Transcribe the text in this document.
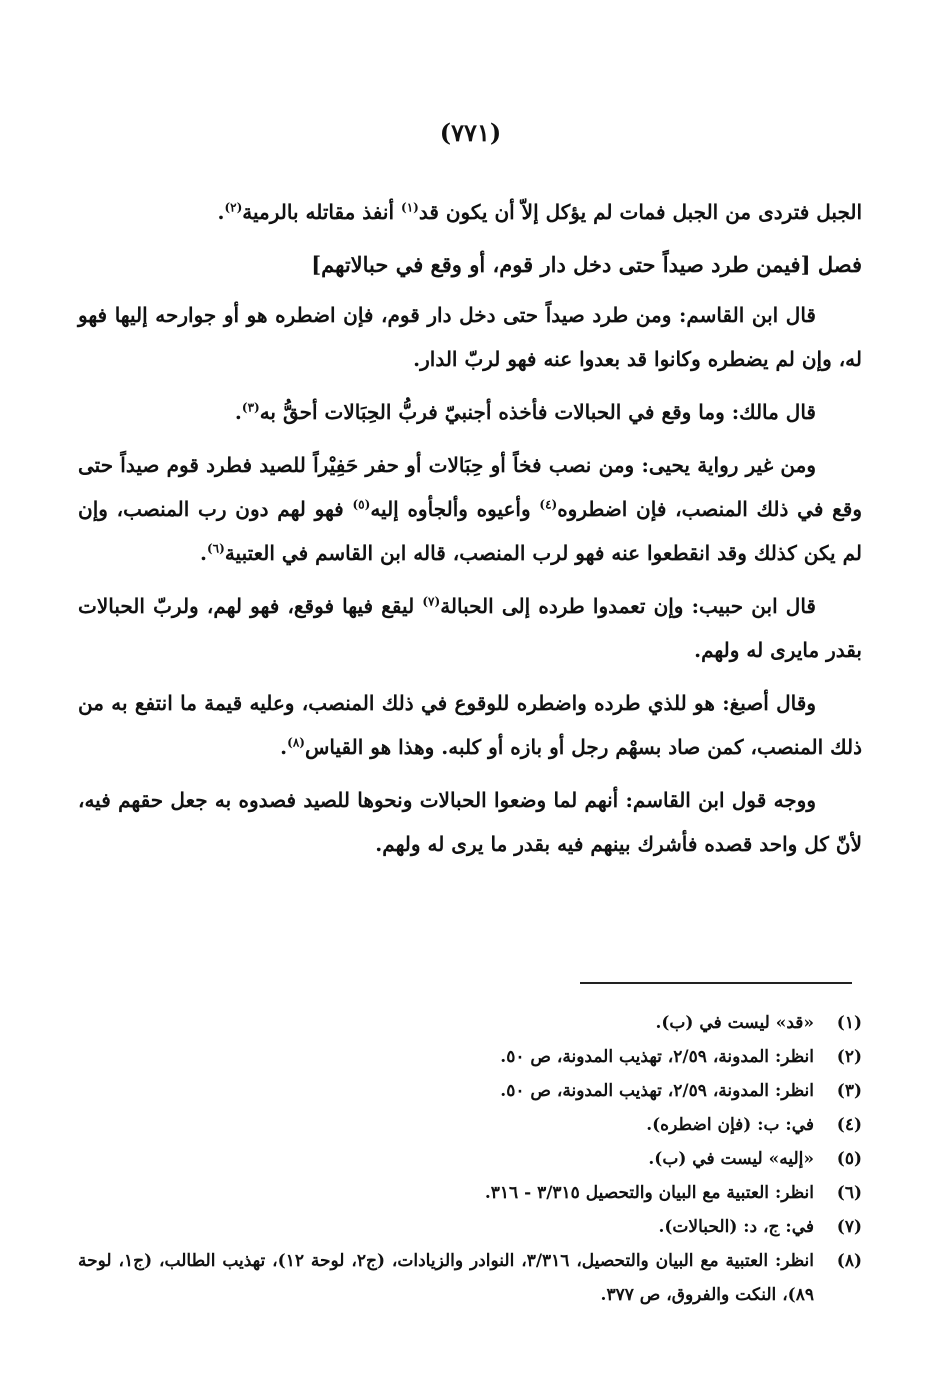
(٧٧١)

الجبل فتردى من الجبل فمات لم يؤكل إلاّ أن يكون قد$^{(١)}$ أنفذ مقاتله بالرمية$^{(٢)}$.

فصل [فيمن طرد صيداً حتى دخل دار قوم، أو وقع في حبالاتهم]

قال ابن القاسم: ومن طرد صيداً حتى دخل دار قوم، فإن اضطره هو أو جوارحه إليها فهو له، وإن لم يضطره وكانوا قد بعدوا عنه فهو لربّ الدار.

قال مالك: وما وقع في الحبالات فأخذه أجنبيّ فربُّ الحِبَالات أحقُّ به$^{(٣)}$.

ومن غير رواية يحيى: ومن نصب فخاً أو حِبَالات أو حفر حَفِيْراً للصيد فطرد قوم صيداً حتى وقع في ذلك المنصب، فإن اضطروه$^{(٤)}$ وأعيوه وألجأوه إليه$^{(٥)}$ فهو لهم دون رب المنصب، وإن لم يكن كذلك وقد انقطعوا عنه فهو لرب المنصب، قاله ابن القاسم في العتبية$^{(٦)}$.

قال ابن حبيب: وإن تعمدوا طرده إلى الحبالة$^{(٧)}$ ليقع فيها فوقع، فهو لهم، ولربّ الحبالات بقدر مايرى له ولهم.

وقال أصبغ: هو للذي طرده واضطره للوقوع في ذلك المنصب، وعليه قيمة ما انتفع به من ذلك المنصب، كمن صاد بسهْم رجل أو بازه أو كلبه. وهذا هو القياس$^{(٨)}$.

ووجه قول ابن القاسم: أنهم لما وضعوا الحبالات ونحوها للصيد فصدوه به جعل حقهم فيه، لأنّ كل واحد قصده فأشرك بينهم فيه بقدر ما يرى له ولهم.

(١)
«قد» ليست في (ب).
(٢)
انظر: المدونة، ٢/٥٩، تهذيب المدونة، ص ٥٠.
(٣)
انظر: المدونة، ٢/٥٩، تهذيب المدونة، ص ٥٠.
(٤)
في: ب: (فإن اضطره).
(٥)
«إليه» ليست في (ب).
(٦)
انظر: العتبية مع البيان والتحصيل ٣/٣١٥ - ٣١٦.
(٧)
في: ج، د: (الحبالات).
(٨)
انظر: العتبية مع البيان والتحصيل، ٣/٣١٦، النوادر والزيادات، (ج٢، لوحة ١٢)، تهذيب الطالب، (ج١، لوحة ٨٩)، النكت والفروق، ص ٣٧٧.
